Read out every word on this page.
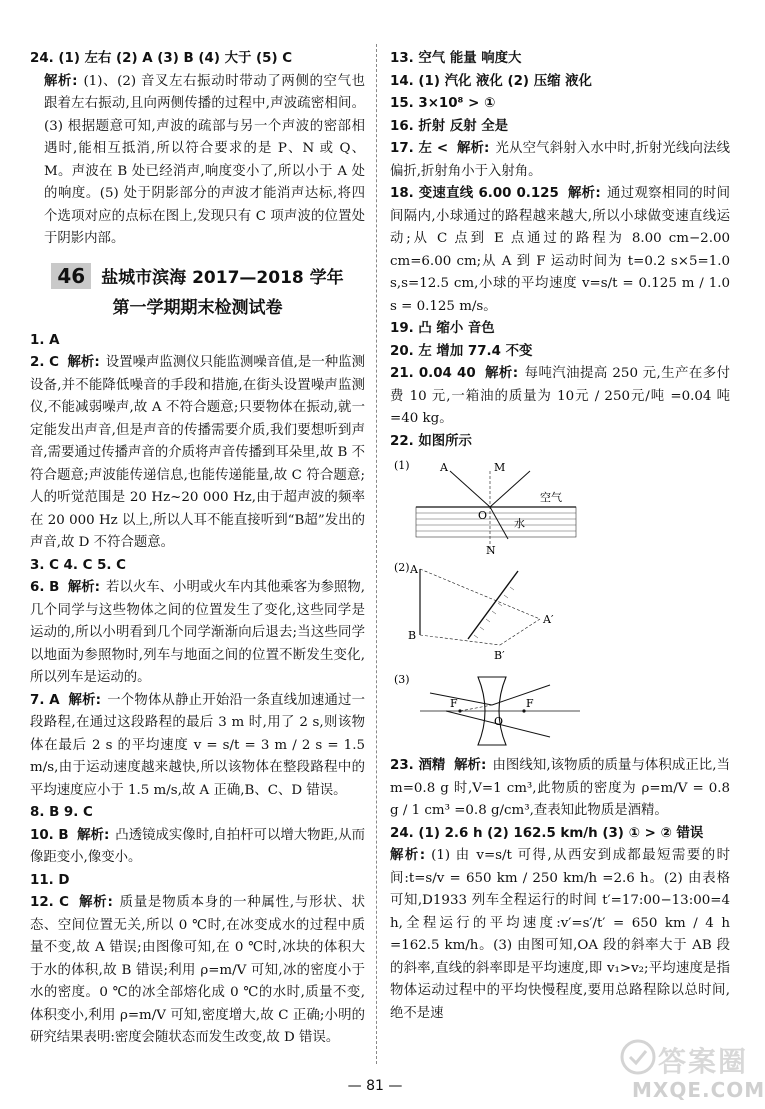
24. (1) 左右 (2) A (3) B (4) 大于 (5) C

解析: (1)、(2) 音叉左右振动时带动了两侧的空气也跟着左右振动,且向两侧传播的过程中,声波疏密相间。(3) 根据题意可知,声波的疏部与另一个声波的密部相遇时,能相互抵消,所以符合要求的是 P、N 或 Q、M。声波在 B 处已经消声,响度变小了,所以小于 A 处的响度。(5) 处于阴影部分的声波才能消声达标,将四个选项对应的点标在图上,发现只有 C 项声波的位置处于阴影内部。

46 盐城市滨海 2017—2018 学年
第一学期期末检测试卷

1. A

2. C 解析: 设置噪声监测仪只能监测噪音值,是一种监测设备,并不能降低噪音的手段和措施,在街头设置噪声监测仪,不能减弱噪声,故 A 不符合题意;只要物体在振动,就一定能发出声音,但是声音的传播需要介质,我们要想听到声音,需要通过传播声音的介质将声音传播到耳朵里,故 B 不符合题意;声波能传递信息,也能传递能量,故 C 符合题意;人的听觉范围是 20 Hz~20 000 Hz,由于超声波的频率在 20 000 Hz 以上,所以人耳不能直接听到“B超”发出的声音,故 D 不符合题意。

3. C 4. C 5. C

6. B 解析: 若以火车、小明或火车内其他乘客为参照物,几个同学与这些物体之间的位置发生了变化,这些同学是运动的,所以小明看到几个同学渐渐向后退去;当这些同学以地面为参照物时,列车与地面之间的位置不断发生变化,所以列车是运动的。

7. A 解析: 一个物体从静止开始沿一条直线加速通过一段路程,在通过这段路程的最后 3 m 时,用了 2 s,则该物体在最后 2 s 的平均速度 v = s/t = 3 m / 2 s = 1.5 m/s,由于运动速度越来越快,所以该物体在整段路程中的平均速度应小于 1.5 m/s,故 A 正确,B、C、D 错误。

8. B 9. C

10. B 解析: 凸透镜成实像时,自拍杆可以增大物距,从而像距变小,像变小。

11. D

12. C 解析: 质量是物质本身的一种属性,与形状、状态、空间位置无关,所以 0 ℃时,在冰变成水的过程中质量不变,故 A 错误;由图像可知,在 0 ℃时,冰块的体积大于水的体积,故 B 错误;利用 ρ=m/V 可知,冰的密度小于水的密度。0 ℃的冰全部熔化成 0 ℃的水时,质量不变,体积变小,利用 ρ=m/V 可知,密度增大,故 C 正确;小明的研究结果表明:密度会随状态而发生改变,故 D 错误。

13. 空气 能量 响度大

14. (1) 汽化 液化 (2) 压缩 液化

15. 3×10⁸ > ①

16. 折射 反射 全是

17. 左 < 解析: 光从空气斜射入水中时,折射光线向法线偏折,折射角小于入射角。

18. 变速直线 6.00 0.125 解析: 通过观察相同的时间间隔内,小球通过的路程越来越大,所以小球做变速直线运动;从 C 点到 E 点通过的路程为 8.00 cm−2.00 cm=6.00 cm;从 A 到 F 运动时间为 t=0.2 s×5=1.0 s,s=12.5 cm,小球的平均速度 v=s/t = 0.125 m / 1.0 s = 0.125 m/s。

19. 凸 缩小 音色

20. 左 增加 77.4 不变

21. 0.04 40 解析: 每吨汽油提高 250 元,生产在多付费 10 元,一箱油的质量为 10元 / 250元/吨 =0.04 吨=40 kg。

22. 如图所示

(1)	A	M
空气
O
水
N
(2) A
B
A′
B′
(3)
F	F
O

23. 酒精 解析: 由图线知,该物质的质量与体积成正比,当 m=0.8 g 时,V=1 cm³,此物质的密度为 ρ=m/V = 0.8 g / 1 cm³ =0.8 g/cm³,查表知此物质是酒精。

24. (1) 2.6 h (2) 162.5 km/h (3) ① > ② 错误

解析: (1) 由 v=s/t 可得,从西安到成都最短需要的时间:t=s/v = 650 km / 250 km/h =2.6 h。(2) 由表格可知,D1933 列车全程运行的时间 t′=17:00−13:00=4 h,全程运行的平均速度:v′=s′/t′ = 650 km / 4 h =162.5 km/h。(3) 由图可知,OA 段的斜率大于 AB 段的斜率,直线的斜率即是平均速度,即 v₁>v₂;平均速度是指物体运动过程中的平均快慢程度,要用总路程除以总时间,绝不是速

— 81 —
答案圈
MXQE.COM
